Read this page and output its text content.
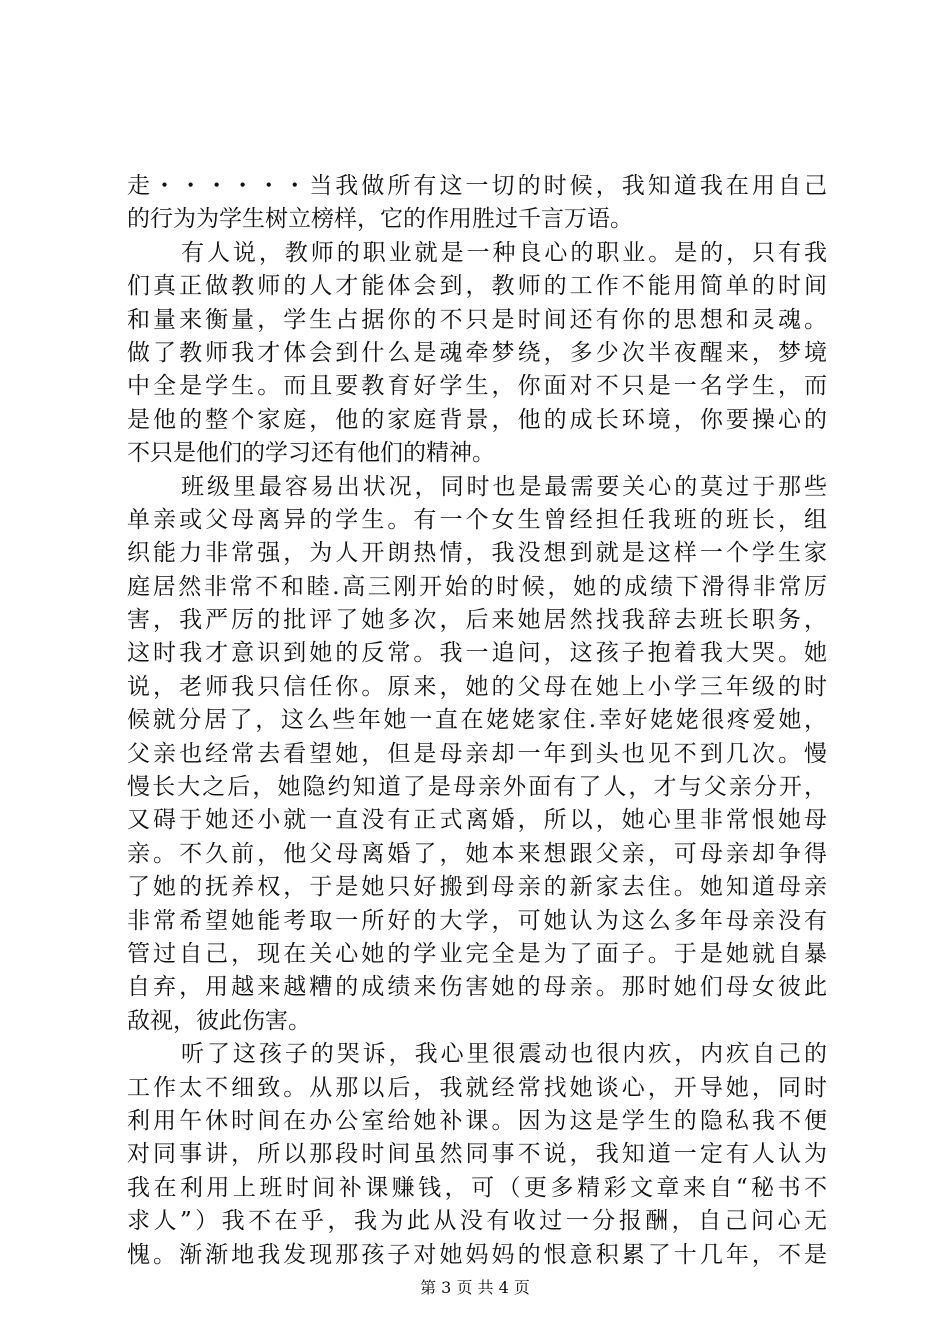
走・・・・・・当我做所有这一切的时候，我知道我在用自己
的行为为学生树立榜样，它的作用胜过千言万语。
有人说，教师的职业就是一种良心的职业。是的，只有我
们真正做教师的人才能体会到，教师的工作不能用简单的时间
和量来衡量，学生占据你的不只是时间还有你的思想和灵魂。
做了教师我才体会到什么是魂牵梦绕，多少次半夜醒来，梦境
中全是学生。而且要教育好学生，你面对不只是一名学生，而
是他的整个家庭，他的家庭背景，他的成长环境，你要操心的
不只是他们的学习还有他们的精神。
班级里最容易出状况，同时也是最需要关心的莫过于那些
单亲或父母离异的学生。有一个女生曾经担任我班的班长，组
织能力非常强，为人开朗热情，我没想到就是这样一个学生家
庭居然非常不和睦.高三刚开始的时候，她的成绩下滑得非常厉
害，我严厉的批评了她多次，后来她居然找我辞去班长职务，
这时我才意识到她的反常。我一追问，这孩子抱着我大哭。她
说，老师我只信任你。原来，她的父母在她上小学三年级的时
候就分居了，这么些年她一直在姥姥家住.幸好姥姥很疼爱她，
父亲也经常去看望她，但是母亲却一年到头也见不到几次。慢
慢长大之后，她隐约知道了是母亲外面有了人，才与父亲分开，
又碍于她还小就一直没有正式离婚，所以，她心里非常恨她母
亲。不久前，他父母离婚了，她本来想跟父亲，可母亲却争得
了她的抚养权，于是她只好搬到母亲的新家去住。她知道母亲
非常希望她能考取一所好的大学，可她认为这么多年母亲没有
管过自己，现在关心她的学业完全是为了面子。于是她就自暴
自弃，用越来越糟的成绩来伤害她的母亲。那时她们母女彼此
敌视，彼此伤害。
听了这孩子的哭诉，我心里很震动也很内疚，内疚自己的
工作太不细致。从那以后，我就经常找她谈心，开导她，同时
利用午休时间在办公室给她补课。因为这是学生的隐私我不便
对同事讲，所以那段时间虽然同事不说，我知道一定有人认为
我在利用上班时间补课赚钱，可（更多精彩文章来自“秘书不
求人”）我不在乎，我为此从没有收过一分报酬，自己问心无
愧。渐渐地我发现那孩子对她妈妈的恨意积累了十几年，不是
第 3 页 共 4 页
